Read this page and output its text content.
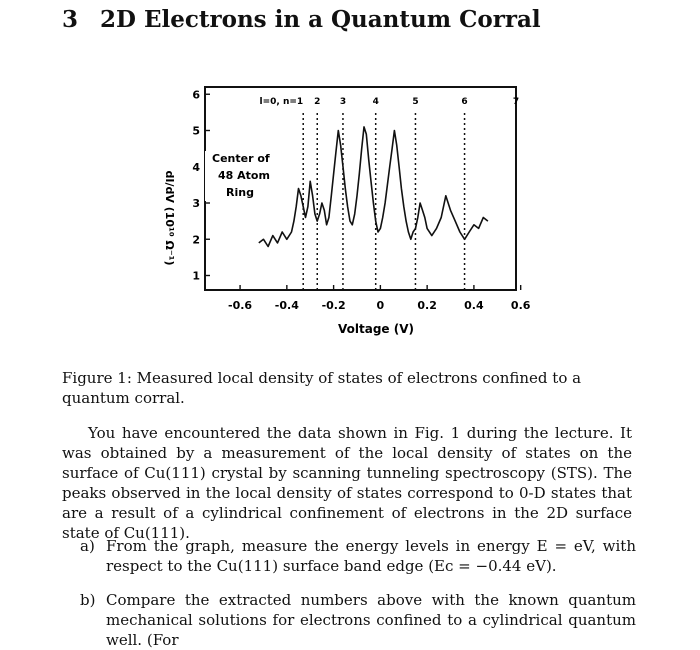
3 2D Electrons in a Quantum Corral
dI/dV (10¹⁰ Ω⁻¹)
1
2
3
4
5
6
l=0, n=1 2 3	4	5	6	7
Center of
48 Atom
Ring
-0.6 -0.4 -0.2	0	0.2 0.4 0.6
Voltage (V)
Figure 1: Measured local density of states of electrons confined to a quantum corral.
You have encountered the data shown in Fig. 1 during the lecture. It was obtained by a measurement of the local density of states on the surface of Cu(111) crystal by scanning tunneling spectroscopy (STS). The peaks observed in the local density of states correspond to 0-D states that are a result of a cylindrical confinement of electrons in the 2D surface state of Cu(111).
a) From the graph, measure the energy levels in energy E = eV, with respect to the Cu(111) surface band edge (Eᴄ = −0.44 eV).
b) Compare the extracted numbers above with the known quantum mechanical solutions for electrons confined to a cylindrical quantum well. (For
